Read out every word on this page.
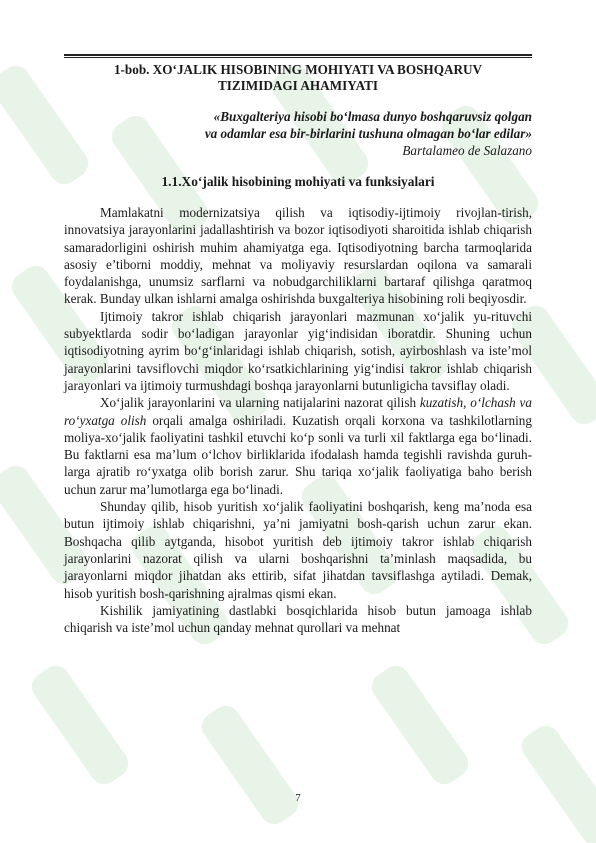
1-bob. XO‘JALIK HISOBINING MOHIYATI VA BOSHQARUV
TIZIMIDAGI AHAMIYATI
«Buxgalteriya hisobi bo‘lmasa dunyo boshqaruvsiz qolgan
va odamlar esa bir-birlarini tushuna olmagan bo‘lar edilar»
Bartalameo de Salazano
1.1.Xo‘jalik hisobining mohiyati va funksiyalari

Mamlakatni modernizatsiya qilish va iqtisodiy-ijtimoiy rivojlan-tirish, innovatsiya jarayonlarini jadallashtirish va bozor iqtisodiyoti sharoitida ishlab chiqarish samaradorligini oshirish muhim ahamiyatga ega. Iqtisodiyotning barcha tarmoqlarida asosiy e’tiborni moddiy, mehnat va moliyaviy resurslardan oqilona va samarali foydalanishga, unumsiz sarflarni va nobudgarchiliklarni bartaraf qilishga qaratmoq kerak. Bunday ulkan ishlarni amalga oshirishda buxgalteriya hisobining roli beqiyosdir.

Ijtimoiy takror ishlab chiqarish jarayonlari mazmunan xo‘jalik yu-rituvchi subyektlarda sodir bo‘ladigan jarayonlar yig‘indisidan iboratdir. Shuning uchun iqtisodiyotning ayrim bo‘g‘inlaridagi ishlab chiqarish, sotish, ayirboshlash va iste’mol jarayonlarini tavsiflovchi miqdor ko‘rsatkichlarining yig‘indisi takror ishlab chiqarish jarayonlari va ijtimoiy turmushdagi boshqa jarayonlarni butunligicha tavsiflay oladi.

Xo‘jalik jarayonlarini va ularning natijalarini nazorat qilish kuzatish, o‘lchash va ro‘yxatga olish orqali amalga oshiriladi. Kuzatish orqali korxona va tashkilotlarning moliya-xo‘jalik faoliyatini tashkil etuvchi ko‘p sonli va turli xil faktlarga ega bo‘linadi. Bu faktlarni esa ma’lum o‘lchov birliklarida ifodalash hamda tegishli ravishda guruh-larga ajratib ro‘yxatga olib borish zarur. Shu tariqa xo‘jalik faoliyatiga baho berish uchun zarur ma’lumotlarga ega bo‘linadi.

Shunday qilib, hisob yuritish xo‘jalik faoliyatini boshqarish, keng ma’noda esa butun ijtimoiy ishlab chiqarishni, ya’ni jamiyatni bosh-qarish uchun zarur ekan. Boshqacha qilib aytganda, hisobot yuritish deb ijtimoiy takror ishlab chiqarish jarayonlarini nazorat qilish va ularni boshqarishni ta’minlash maqsadida, bu jarayonlarni miqdor jihatdan aks ettirib, sifat jihatdan tavsiflashga aytiladi. Demak, hisob yuritish bosh-qarishning ajralmas qismi ekan.

Kishilik jamiyatining dastlabki bosqichlarida hisob butun jamoaga ishlab chiqarish va iste’mol uchun qanday mehnat qurollari va mehnat

7
